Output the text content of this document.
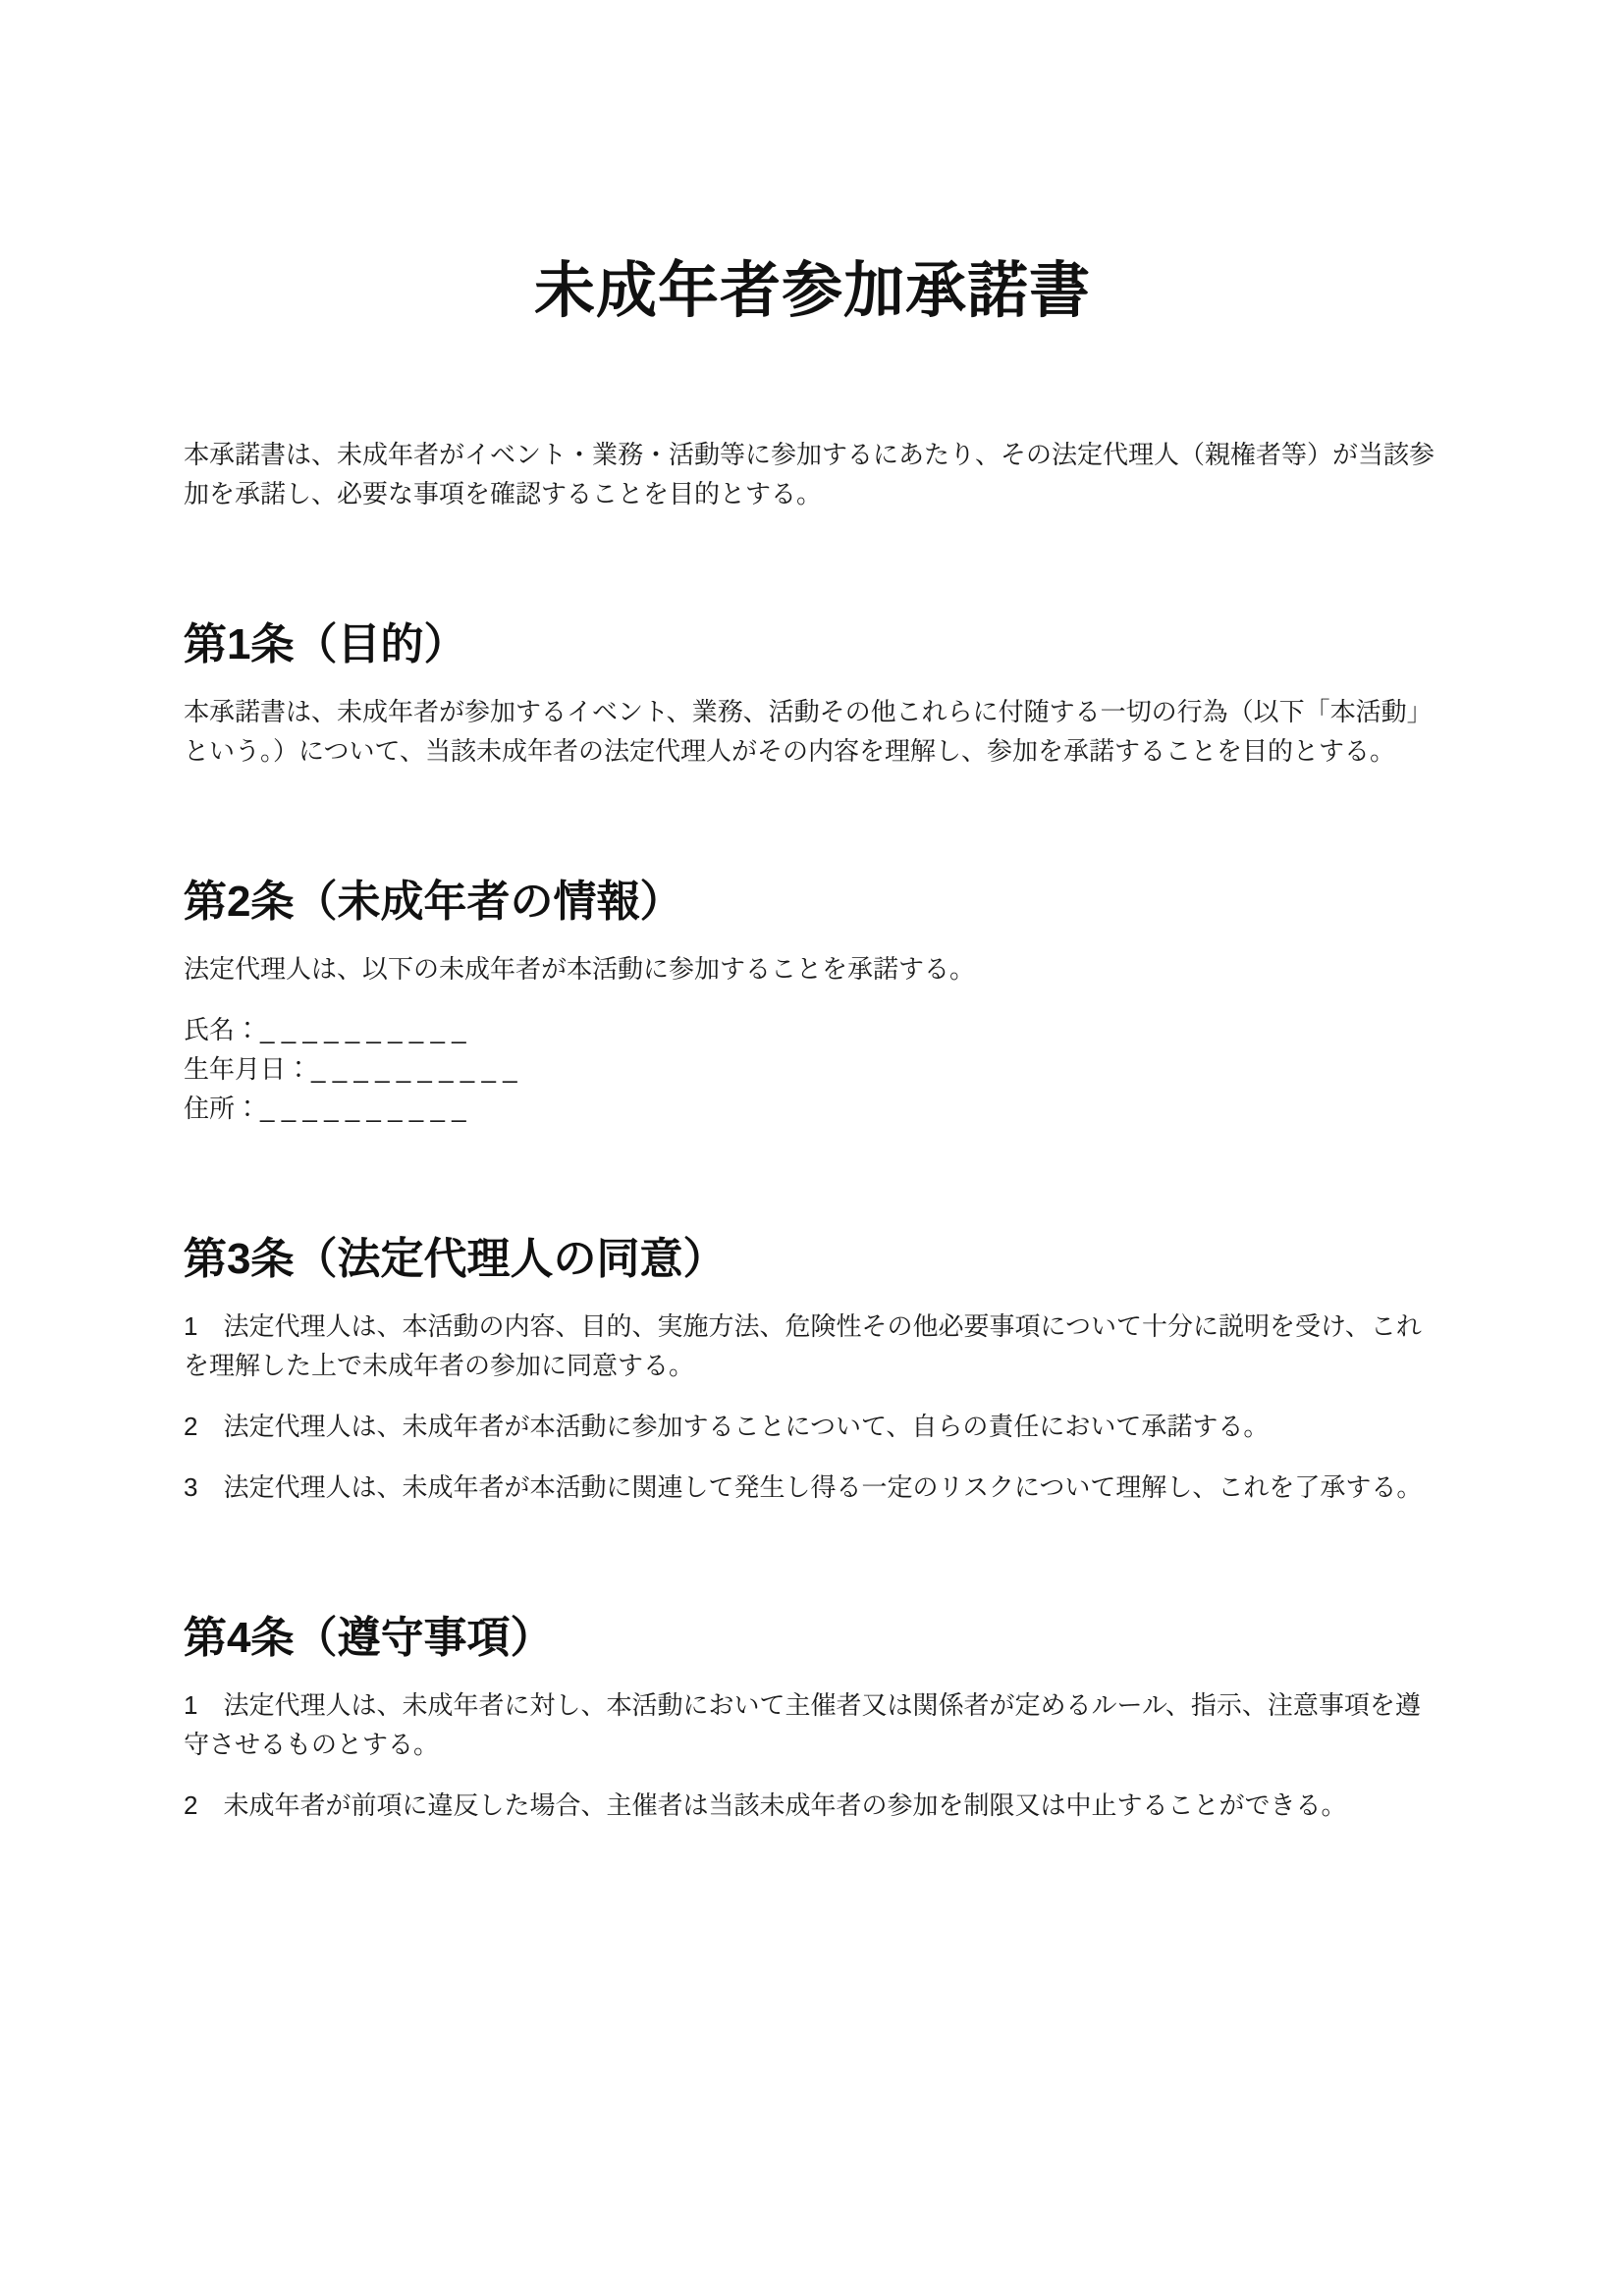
未成年者参加承諾書

本承諾書は、未成年者がイベント・業務・活動等に参加するにあたり、その法定代理人（親権者等）が当該参加を承諾し、必要な事項を確認することを目的とする。

第1条（目的）

本承諾書は、未成年者が参加するイベント、業務、活動その他これらに付随する一切の行為（以下「本活動」という。）について、当該未成年者の法定代理人がその内容を理解し、参加を承諾することを目的とする。

第2条（未成年者の情報）

法定代理人は、以下の未成年者が本活動に参加することを承諾する。

氏名：_ _ _ _ _ _ _ _ _ _
生年月日：_ _ _ _ _ _ _ _ _ _
住所：_ _ _ _ _ _ _ _ _ _
第3条（法定代理人の同意）

1　法定代理人は、本活動の内容、目的、実施方法、危険性その他必要事項について十分に説明を受け、これを理解した上で未成年者の参加に同意する。

2　法定代理人は、未成年者が本活動に参加することについて、自らの責任において承諾する。

3　法定代理人は、未成年者が本活動に関連して発生し得る一定のリスクについて理解し、これを了承する。

第4条（遵守事項）

1　法定代理人は、未成年者に対し、本活動において主催者又は関係者が定めるルール、指示、注意事項を遵守させるものとする。

2　未成年者が前項に違反した場合、主催者は当該未成年者の参加を制限又は中止することができる。
